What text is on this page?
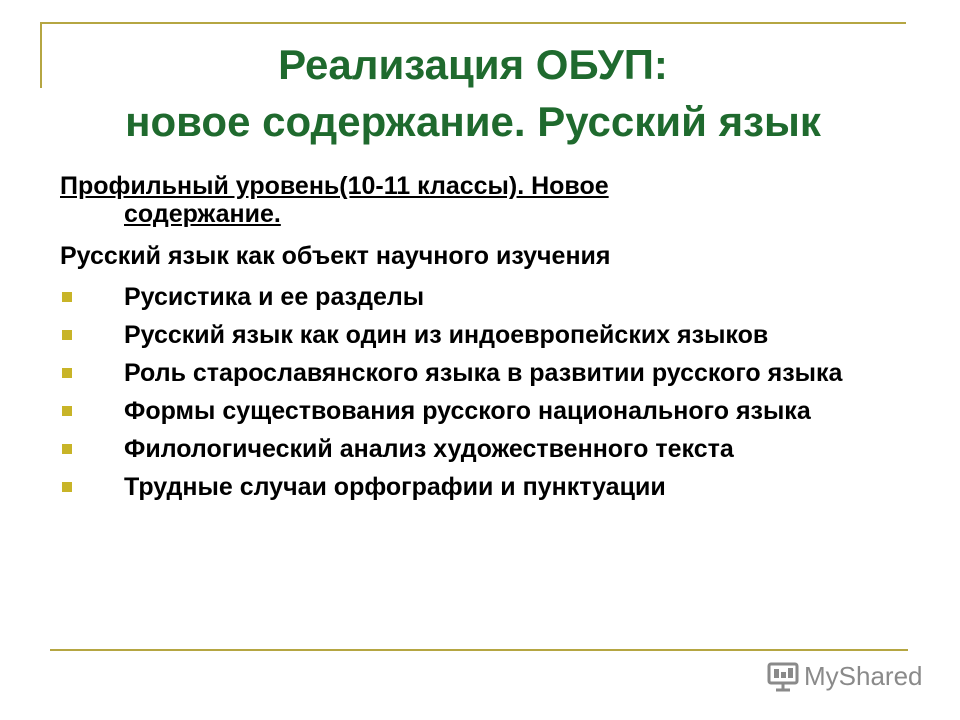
Реализация ОБУП:
новое содержание. Русский язык
Профильный уровень(10-11 классы). Новое
содержание.
Русский язык как объект научного изучения
Русистика и ее разделы
Русский язык как один из индоевропейских языков
Роль старославянского языка в развитии русского языка
Формы существования русского национального языка
Филологический анализ художественного текста
Трудные случаи орфографии и пунктуации
MyShared
